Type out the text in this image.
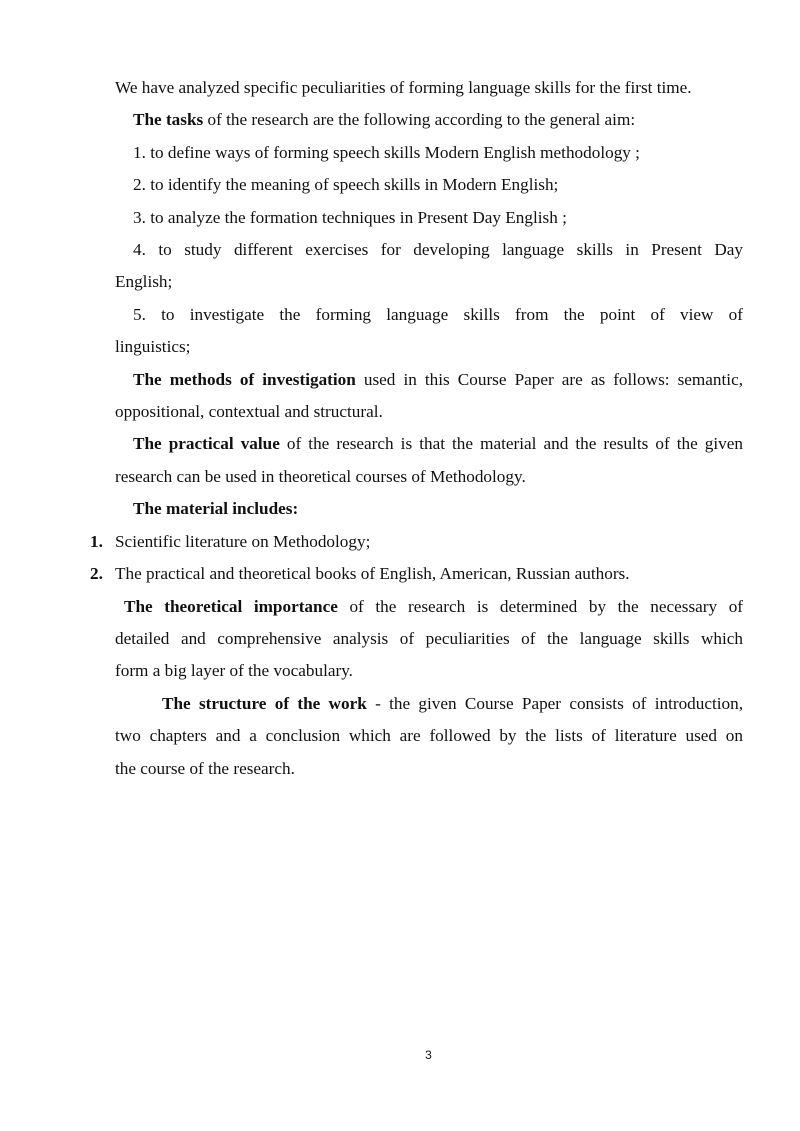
We have analyzed specific peculiarities of forming language skills for the first time.
The tasks of the research are the following according to the general aim:
1. to define ways of forming speech skills Modern English methodology ;
2. to identify the meaning of speech skills in Modern English;
3. to analyze the formation techniques in Present Day English ;
4. to study different exercises for developing language skills in Present Day
English;
5. to investigate the forming language skills from the point of view of
linguistics;
The methods of investigation used in this Course Paper are as follows: semantic,
oppositional, contextual and structural.
The practical value of the research is that the material and the results of the given
research can be used in theoretical courses of Methodology.
The material includes:
1. Scientific literature on Methodology;
2. The practical and theoretical books of English, American, Russian authors.
The theoretical importance of the research is determined by the necessary of
detailed and comprehensive analysis of peculiarities of the language skills which
form a big layer of the vocabulary.
The structure of the work - the given Course Paper consists of introduction,
two chapters and a conclusion which are followed by the lists of literature used on
the course of the research.
3
